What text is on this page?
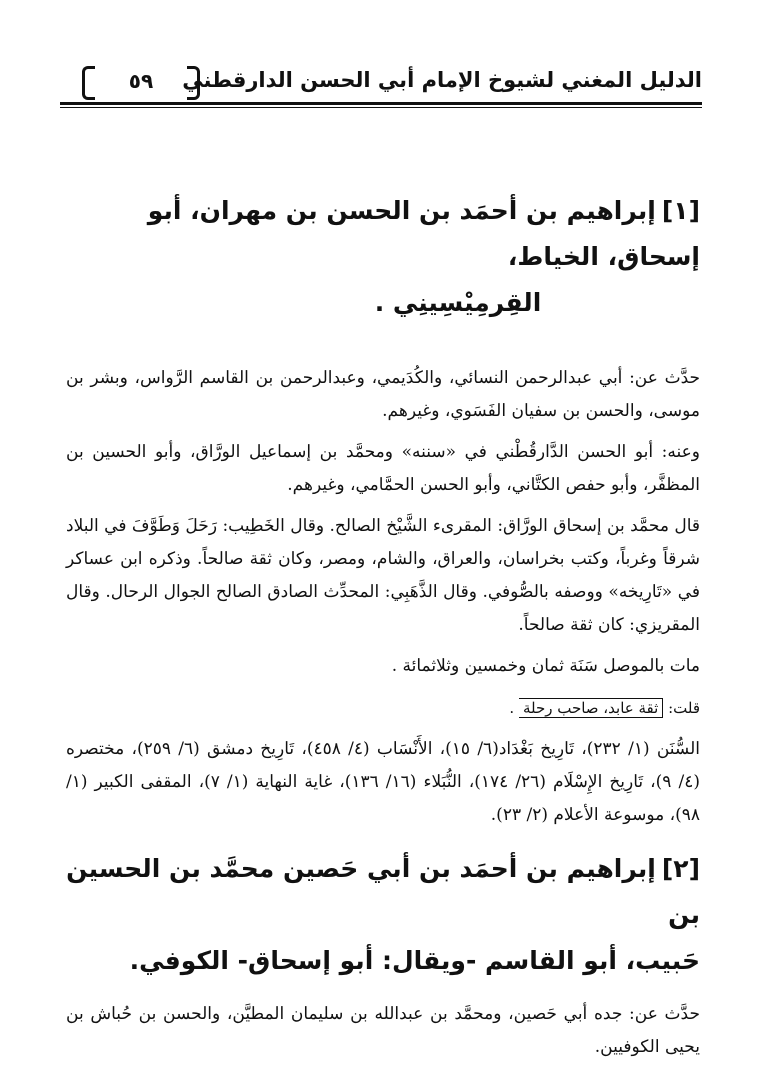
الدليل المغني لشيوخ الإمام أبي الحسن الدارقطني
٥٩
[١]إبراهيم بن أحمَد بن الحسن بن مهران، أبو إسحاق، الخياط،
القِرمِيْسِينِي .

حدَّث عن: أبي عبدالرحمن النسائي، والكُدَيمي، وعبدالرحمن بن القاسم الرَّواس، وبشر بن موسى، والحسن بن سفيان الفَسَوي، وغيرهم.

وعنه: أبو الحسن الدَّارقُطْني في «سننه» ومحمَّد بن إسماعيل الورَّاق، وأبو الحسين بن المظفَّر، وأبو حفص الكتَّاني، وأبو الحسن الحمَّامي، وغيرهم.

قال محمَّد بن إسحاق الورَّاق: المقرىء الشَّيْخ الصالح. وقال الخَطِيب: رَحَلَ وَطَوَّفَ في البلاد شرقاً وغرباً، وكتب بخراسان، والعراق، والشام، ومصر، وكان ثقة صالحاً. وذكره ابن عساكر في «تَارِيخه» ووصفه بالصُّوفي. وقال الذَّهَبِي: المحدِّث الصادق الصالح الجوال الرحال. وقال المقريزي: كان ثقة صالحاً.

مات بالموصل سَنَة ثمان وخمسين وثلاثمائة .

قلت: ثقة عابد، صاحب رحلة .

السُّنَن (١/ ٢٣٢)، تَارِيخ بَغْدَاد(٦/ ١٥)، الأَنْسَاب (٤/ ٤٥٨)، تَارِيخ دمشق (٦/ ٢٥٩)، مختصره (٤/ ٩)، تَارِيخ الإِسْلَام (٢٦/ ١٧٤)، النُّبَلاء (١٦/ ١٣٦)، غاية النهاية (١/ ٧)، المقفى الكبير (١/ ٩٨)، موسوعة الأعلام (٢/ ٢٣).

[٢]إبراهيم بن أحمَد بن أبي حَصين محمَّد بن الحسين بن
حَبيب، أبو القاسم -ويقال: أبو إسحاق- الكوفي.

حدَّث عن: جده أبي حَصين، ومحمَّد بن عبدالله بن سليمان المطيَّن، والحسن بن حُباش بن يحيى الكوفيين.
